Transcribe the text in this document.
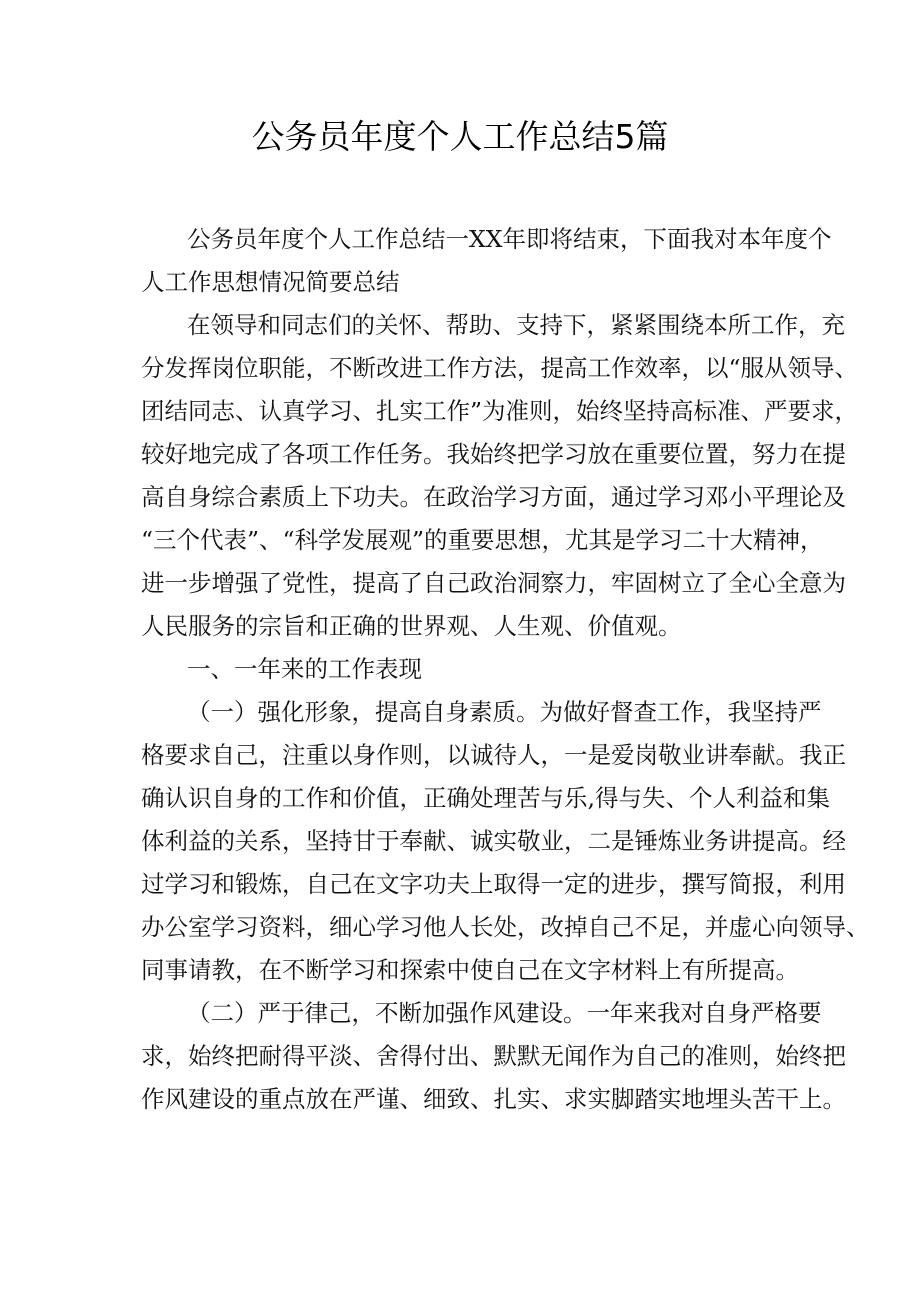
公务员年度个人工作总结5篇
公务员年度个人工作总结一XX年即将结束，下面我对本年度个
人工作思想情况简要总结
在领导和同志们的关怀、帮助、支持下，紧紧围绕本所工作，充
分发挥岗位职能，不断改进工作方法，提高工作效率，以“服从领导、
团结同志、认真学习、扎实工作”为准则，始终坚持高标准、严要求，
较好地完成了各项工作任务。我始终把学习放在重要位置，努力在提
高自身综合素质上下功夫。在政治学习方面，通过学习邓小平理论及
“三个代表”、“科学发展观”的重要思想，尤其是学习二十大精神，
进一步增强了党性，提高了自己政治洞察力，牢固树立了全心全意为
人民服务的宗旨和正确的世界观、人生观、价值观。
一、一年来的工作表现
（一）强化形象，提高自身素质。为做好督查工作，我坚持严
格要求自己，注重以身作则，以诚待人，一是爱岗敬业讲奉献。我正
确认识自身的工作和价值，正确处理苦与乐,得与失、个人利益和集
体利益的关系，坚持甘于奉献、诚实敬业，二是锤炼业务讲提高。经
过学习和锻炼，自己在文字功夫上取得一定的进步，撰写简报，利用
办公室学习资料，细心学习他人长处，改掉自己不足，并虚心向领导、
同事请教，在不断学习和探索中使自己在文字材料上有所提高。
（二）严于律己，不断加强作风建设。一年来我对自身严格要
求，始终把耐得平淡、舍得付出、默默无闻作为自己的准则，始终把
作风建设的重点放在严谨、细致、扎实、求实脚踏实地埋头苦干上。
